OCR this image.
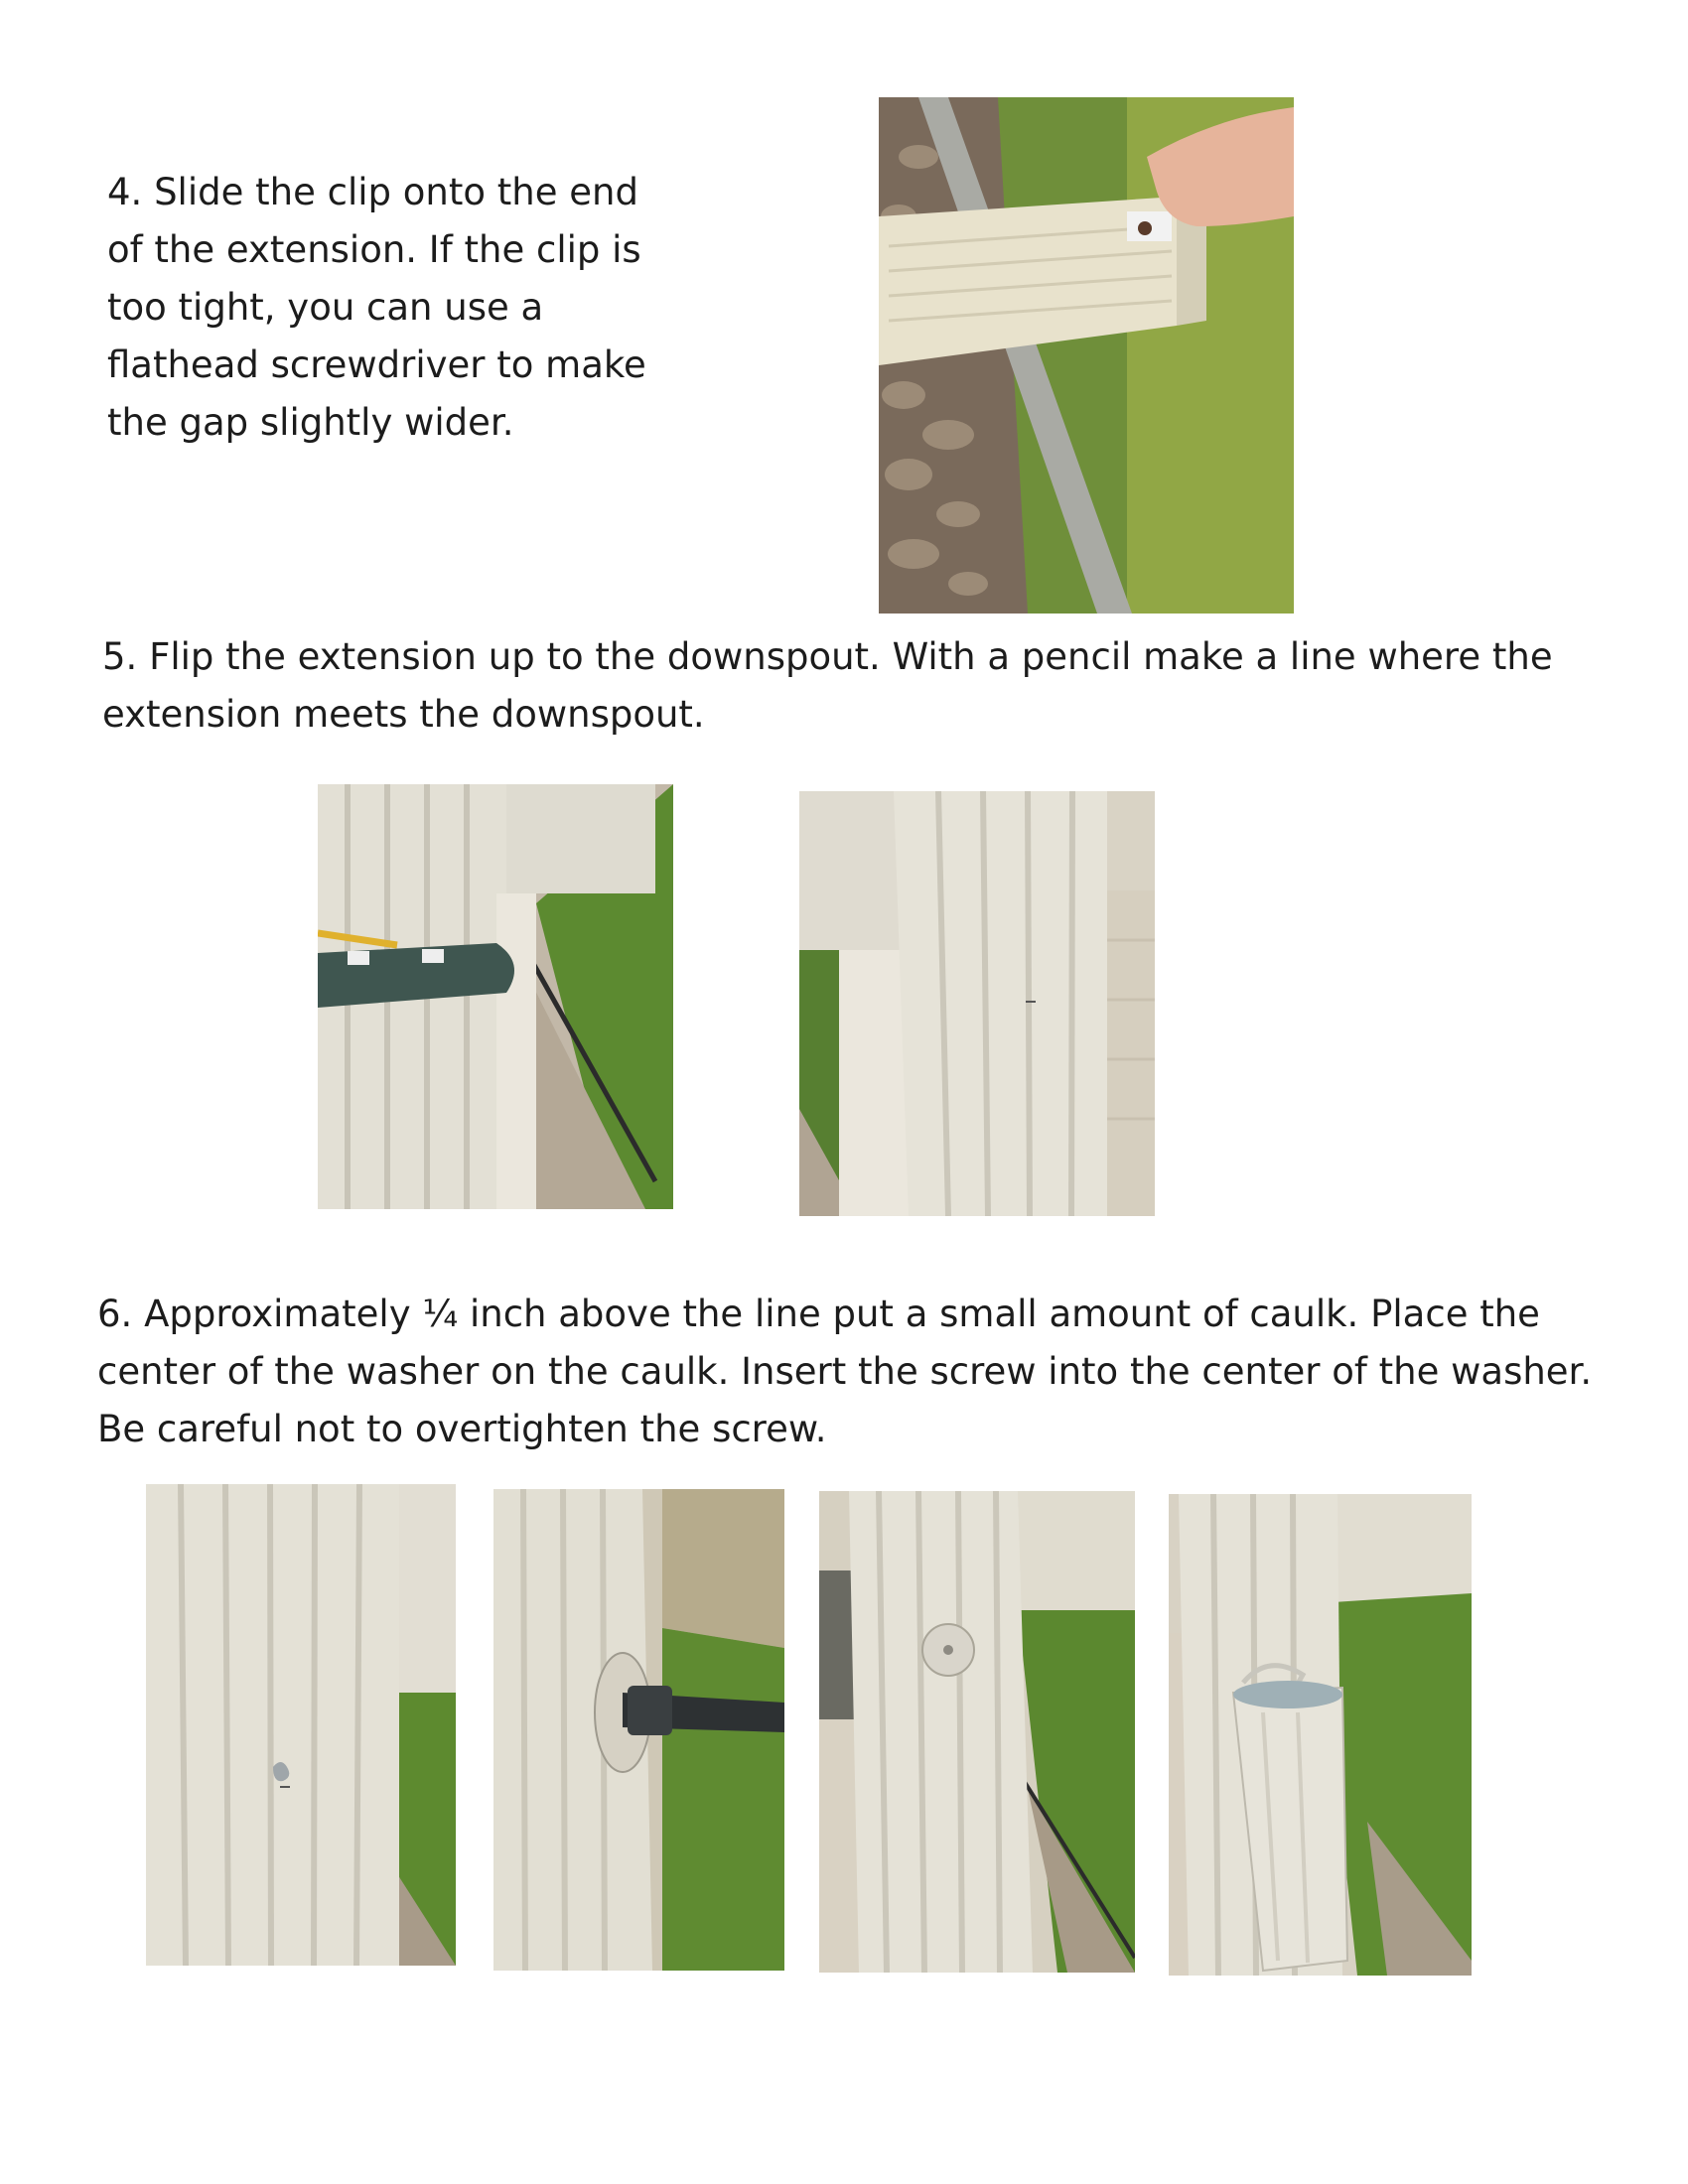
4. Slide the clip onto the end
of the extension. If the clip is
too tight, you can use a
flathead screwdriver to make
the gap slightly wider.
5. Flip the extension up to the downspout. With a pencil make a line where the
extension meets the downspout.
6. Approximately ¼ inch above the line put a small amount of caulk. Place the
center of the washer on the caulk. Insert the screw into the center of the washer.
Be careful not to overtighten the screw.
